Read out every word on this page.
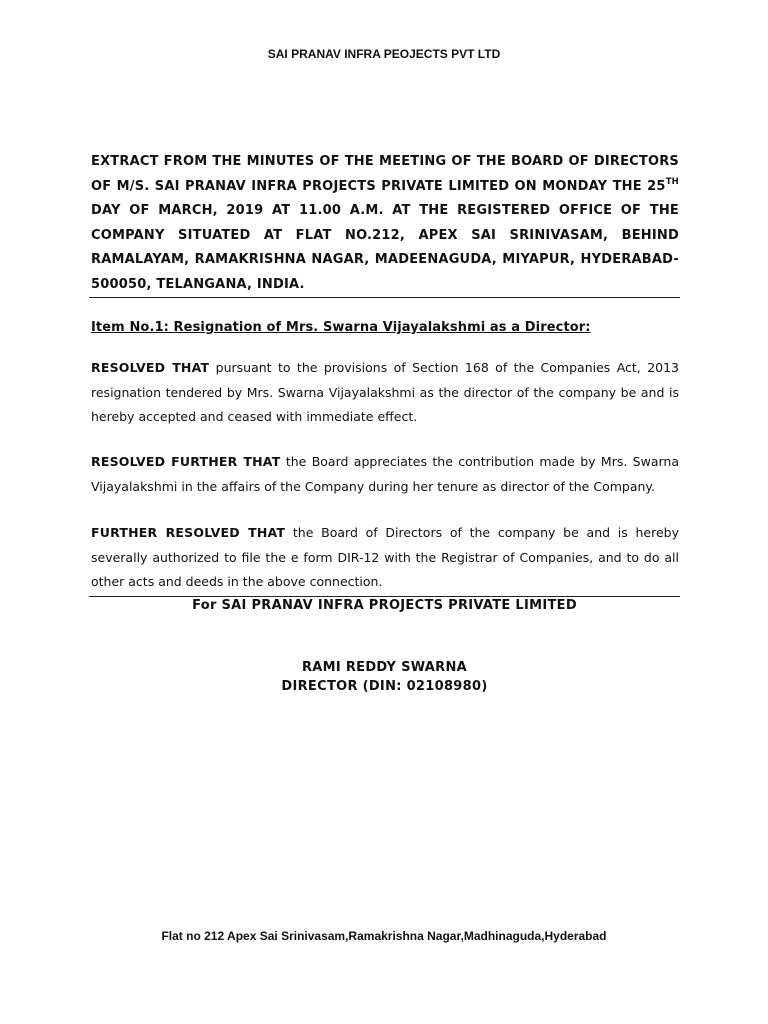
SAI PRANAV INFRA PEOJECTS PVT LTD
EXTRACT FROM THE MINUTES OF THE MEETING OF THE BOARD OF DIRECTORS OF M/S. SAI PRANAV INFRA PROJECTS PRIVATE LIMITED ON MONDAY THE 25TH DAY OF MARCH, 2019 AT 11.00 A.M. AT THE REGISTERED OFFICE OF THE COMPANY SITUATED AT FLAT NO.212, APEX SAI SRINIVASAM, BEHIND RAMALAYAM, RAMAKRISHNA NAGAR, MADEENAGUDA, MIYAPUR, HYDERABAD-500050, TELANGANA, INDIA.
Item No.1: Resignation of Mrs. Swarna Vijayalakshmi as a Director:
RESOLVED THAT pursuant to the provisions of Section 168 of the Companies Act, 2013 resignation tendered by Mrs. Swarna Vijayalakshmi as the director of the company be and is hereby accepted and ceased with immediate effect.
RESOLVED FURTHER THAT the Board appreciates the contribution made by Mrs. Swarna Vijayalakshmi in the affairs of the Company during her tenure as director of the Company.
FURTHER RESOLVED THAT the Board of Directors of the company be and is hereby severally authorized to file the e form DIR-12 with the Registrar of Companies, and to do all other acts and deeds in the above connection.
For SAI PRANAV INFRA PROJECTS PRIVATE LIMITED
RAMI REDDY SWARNA
DIRECTOR (DIN: 02108980)
Flat no 212 Apex Sai Srinivasam,Ramakrishna Nagar,Madhinaguda,Hyderabad
